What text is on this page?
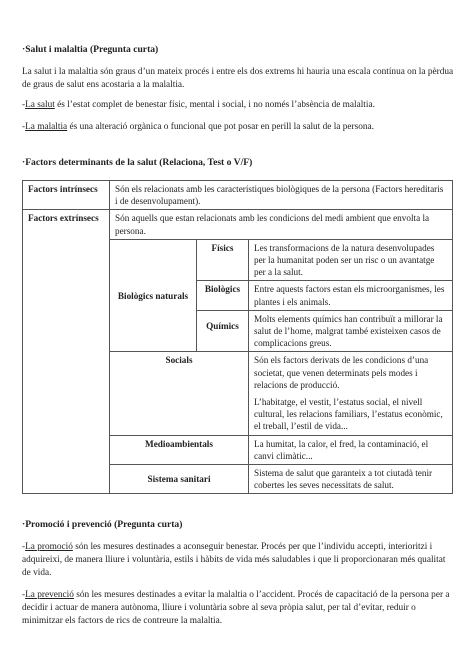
·Salut i malaltia (Pregunta curta)
La salut i la malaltia són graus d’un mateix procés i entre els dos extrems hi hauria una escala contínua on la pèrdua de graus de salut ens acostaria a la malaltia.
-La salut és l’estat complet de benestar físic, mental i social, i no només l’absència de malaltia.
-La malaltia és una alteració orgànica o funcional que pot posar en perill la salut de la persona.
·Factors determinants de la salut (Relaciona, Test o V/F)
Factors intrínsecs	Són els relacionats amb les característiques biològiques de la persona (Factors hereditaris i de desenvolupament).		
Factors extrínsecs	Són aquells que estan relacionats amb les condicions del medi ambient que envolta la persona.		
	Biològics naturals	Físics	Les transformacions de la natura desenvolupades per la humanitat poden ser un risc o un avantatge per a la salut.
		Biològics	Entre aquests factors estan els microorganismes, les plantes i els animals.
		Químics	Molts elements químics han contribuït a millorar la salut de l’home, malgrat també existeixen casos de complicacions greus.
	Socials		Són els factors derivats de les condicions d’una societat, que venen determinats pels modes i relacions de producció.
L’habitatge, el vestit, l’estatus social, el nivell cultural, les relacions familiars, l’estatus econòmic, el treball, l’estil de vida...
	Medioambientals		La humitat, la calor, el fred, la contaminació, el canvi climàtic...
	Sistema sanitari		Sistema de salut que garanteix a tot ciutadà tenir cobertes les seves necessitats de salut.
·Promoció i prevenció (Pregunta curta)
-La promoció són les mesures destinades a aconseguir benestar. Procés per que l’individu accepti, interioritzi i adquireixi, de manera lliure i voluntària, estils i hàbits de vida més saludables i que li proporcionaran més qualitat de vida.
-La prevenció són les mesures destinades a evitar la malaltia o l’accident. Procés de capacitació de la persona per a decidir i actuar de manera autònoma, lliure i voluntària sobre al seva pròpia salut, per tal d’evitar, reduir o minimitzar els factors de rics de contreure la malaltia.
